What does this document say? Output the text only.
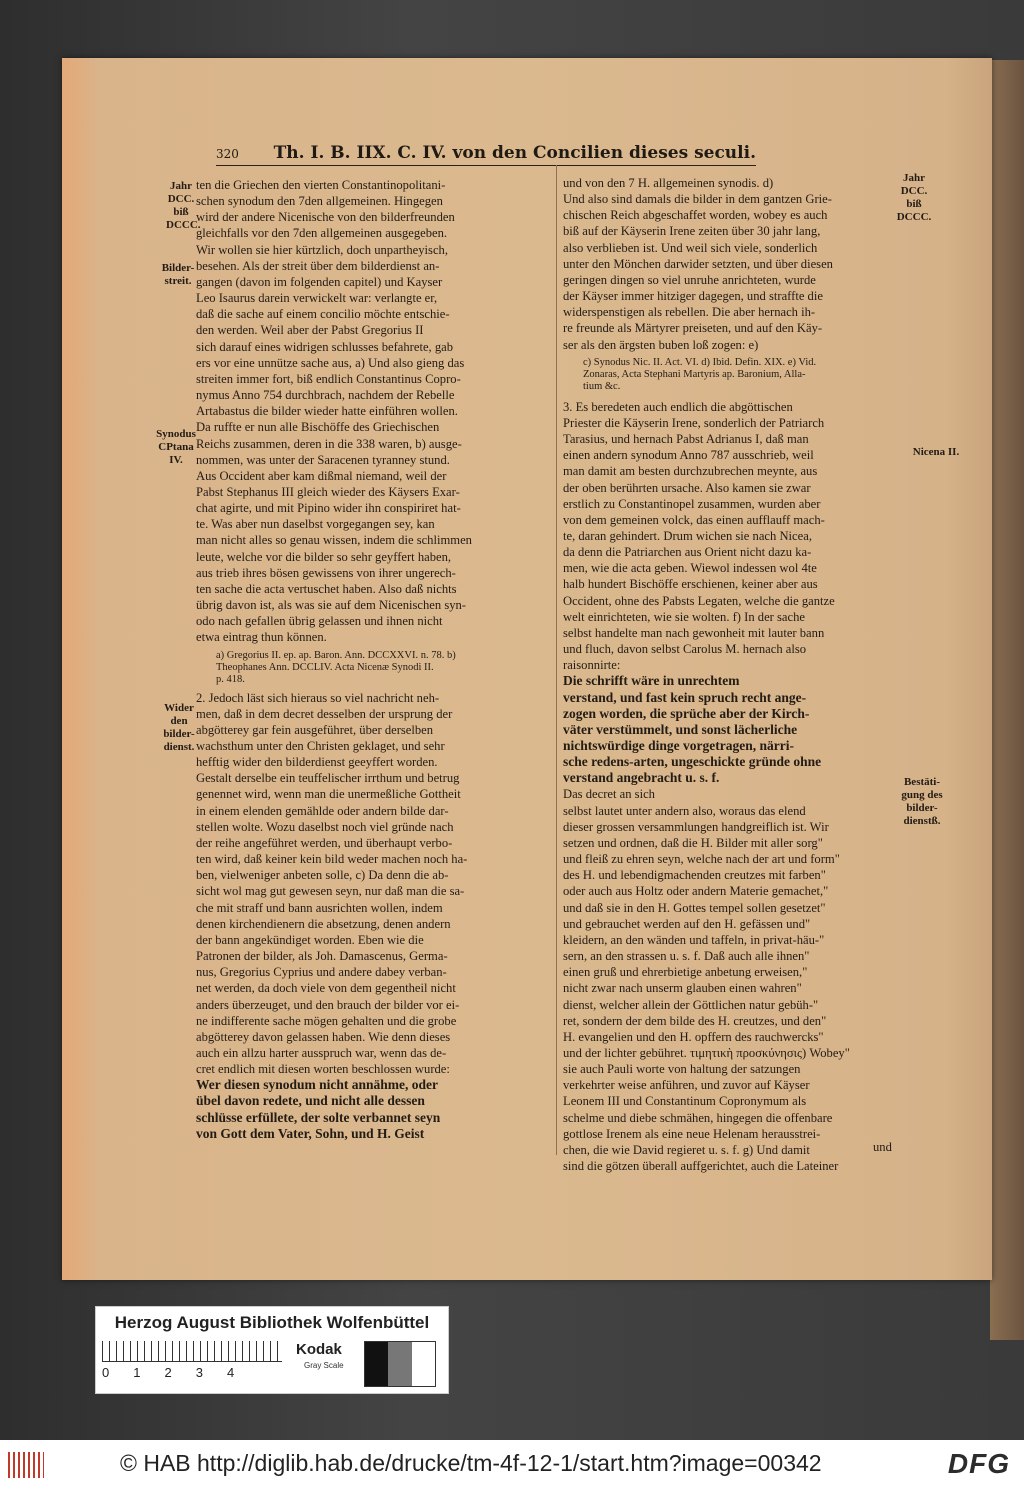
320 Th. I. B. IIX. C. IV. von den Concilien dieses seculi.
Jahr DCC. biß DCCC.
Bilder-streit.
Synodus CPtana IV.
Wider den bilder-dienst.
Jahr DCC. biß DCCC.
Nicena II.
Bestäti-gung des bilder-dienstß.
ten die Griechen den vierten Constantinopolitani-
schen synodum den 7den allgemeinen. Hingegen
wird der andere Nicenische von den bilderfreunden
gleichfalls vor den 7den allgemeinen ausgegeben.
Wir wollen sie hier kürtzlich, doch unpartheyisch,
besehen. Als der streit über dem bilderdienst an-
gangen (davon im folgenden capitel) und Kayser
Leo Isaurus darein verwickelt war: verlangte er,
daß die sache auf einem concilio möchte entschie-
den werden. Weil aber der Pabst Gregorius II
sich darauf eines widrigen schlusses befahrete, gab
ers vor eine unnütze sache aus, a) Und also gieng das
streiten immer fort, biß endlich Constantinus Copro-
nymus Anno 754 durchbrach, nachdem der Rebelle
Artabastus die bilder wieder hatte einführen wollen.
Da ruffte er nun alle Bischöffe des Griechischen
Reichs zusammen, deren in die 338 waren, b) ausge-
nommen, was unter der Saracenen tyranney stund.
Aus Occident aber kam dißmal niemand, weil der
Pabst Stephanus III gleich wieder des Käysers Exar-
chat agirte, und mit Pipino wider ihn conspiriret hat-
te. Was aber nun daselbst vorgegangen sey, kan
man nicht alles so genau wissen, indem die schlimmen
leute, welche vor die bilder so sehr geyffert haben,
aus trieb ihres bösen gewissens von ihrer ungerech-
ten sache die acta vertuschet haben. Also daß nichts
übrig davon ist, als was sie auf dem Nicenischen syn-
odo nach gefallen übrig gelassen und ihnen nicht
etwa eintrag thun können.
a) Gregorius II. ep. ap. Baron. Ann. DCCXXVI. n. 78. b)
Theophanes Ann. DCCLIV. Acta Nicenæ Synodi II.
p. 418.
2. Jedoch läst sich hieraus so viel nachricht neh-
men, daß in dem decret desselben der ursprung der
abgötterey gar fein ausgeführet, über derselben
wachsthum unter den Christen geklaget, und sehr
hefftig wider den bilderdienst geeyffert worden.
Gestalt derselbe ein teuffelischer irrthum und betrug
genennet wird, wenn man die unermeßliche Gottheit
in einem elenden gemählde oder andern bilde dar-
stellen wolte. Wozu daselbst noch viel gründe nach
der reihe angeführet werden, und überhaupt verbo-
ten wird, daß keiner kein bild weder machen noch ha-
ben, vielweniger anbeten solle, c) Da denn die ab-
sicht wol mag gut gewesen seyn, nur daß man die sa-
che mit straff und bann ausrichten wollen, indem
denen kirchendienern die absetzung, denen andern
der bann angekündiget worden. Eben wie die
Patronen der bilder, als Joh. Damascenus, Germa-
nus, Gregorius Cyprius und andere dabey verban-
net werden, da doch viele von dem gegentheil nicht
anders überzeuget, und den brauch der bilder vor ei-
ne indifferente sache mögen gehalten und die grobe
abgötterey davon gelassen haben. Wie denn dieses
auch ein allzu harter ausspruch war, wenn das de-
cret endlich mit diesen worten beschlossen wurde:
Wer diesen synodum nicht annähme, oder
übel davon redete, und nicht alle dessen
schlüsse erfüllete, der solte verbannet seyn
von Gott dem Vater, Sohn, und H. Geist
und von den 7 H. allgemeinen synodis. d)
Und also sind damals die bilder in dem gantzen Grie-
chischen Reich abgeschaffet worden, wobey es auch
biß auf der Käyserin Irene zeiten über 30 jahr lang,
also verblieben ist. Und weil sich viele, sonderlich
unter den Mönchen darwider setzten, und über diesen
geringen dingen so viel unruhe anrichteten, wurde
der Käyser immer hitziger dagegen, und straffte die
widerspenstigen als rebellen. Die aber hernach ih-
re freunde als Märtyrer preiseten, und auf den Käy-
ser als den ärgsten buben loß zogen: e)
c) Synodus Nic. II. Act. VI. d) Ibid. Defin. XIX. e) Vid.
Zonaras, Acta Stephani Martyris ap. Baronium, Alla-
tium &c.
3. Es beredeten auch endlich die abgöttischen
Priester die Käyserin Irene, sonderlich der Patriarch
Tarasius, und hernach Pabst Adrianus I, daß man
einen andern synodum Anno 787 ausschrieb, weil
man damit am besten durchzubrechen meynte, aus
der oben berührten ursache. Also kamen sie zwar
erstlich zu Constantinopel zusammen, wurden aber
von dem gemeinen volck, das einen aufflauff mach-
te, daran gehindert. Drum wichen sie nach Nicea,
da denn die Patriarchen aus Orient nicht dazu ka-
men, wie die acta geben. Wiewol indessen wol 4te
halb hundert Bischöffe erschienen, keiner aber aus
Occident, ohne des Pabsts Legaten, welche die gantze
welt einrichteten, wie sie wolten. f) In der sache
selbst handelte man nach gewonheit mit lauter bann
und fluch, davon selbst Carolus M. hernach also
raisonnirte:
Die schrifft wäre in unrechtem
verstand, und fast kein spruch recht ange-
zogen worden, die sprüche aber der Kirch-
väter verstümmelt, und sonst lächerliche
nichtswürdige dinge vorgetragen, närri-
sche redens-arten, ungeschickte gründe ohne
verstand angebracht u. s. f.
Das decret an sich
selbst lautet unter andern also, woraus das elend
dieser grossen versammlungen handgreiflich ist. Wir
setzen und ordnen, daß die H. Bilder mit aller sorg"
und fleiß zu ehren seyn, welche nach der art und form"
des H. und lebendigmachenden creutzes mit farben"
oder auch aus Holtz oder andern Materie gemachet,"
und daß sie in den H. Gottes tempel sollen gesetzet"
und gebrauchet werden auf den H. gefässen und"
kleidern, an den wänden und taffeln, in privat-häu-"
sern, an den strassen u. s. f. Daß auch alle ihnen"
einen gruß und ehrerbietige anbetung erweisen,"
nicht zwar nach unserm glauben einen wahren"
dienst, welcher allein der Göttlichen natur gebüh-"
ret, sondern der dem bilde des H. creutzes, und den"
H. evangelien und den H. opffern des rauchwercks"
und der lichter gebühret. τιμητικὴ προσκύνησις) Wobey"
sie auch Pauli worte von haltung der satzungen
verkehrter weise anführen, und zuvor auf Käyser
Leonem III und Constantinum Copronymum als
schelme und diebe schmähen, hingegen die offenbare
gottlose Irenem als eine neue Helenam herausstrei-
chen, die wie David regieret u. s. f. g) Und damit
sind die götzen überall auffgerichtet, auch die Lateiner
und
Herzog August Bibliothek Wolfenbüttel
0 1 2 3 4
Kodak
Gray Scale
© HAB http://diglib.hab.de/drucke/tm-4f-12-1/start.htm?image=00342	DFG
